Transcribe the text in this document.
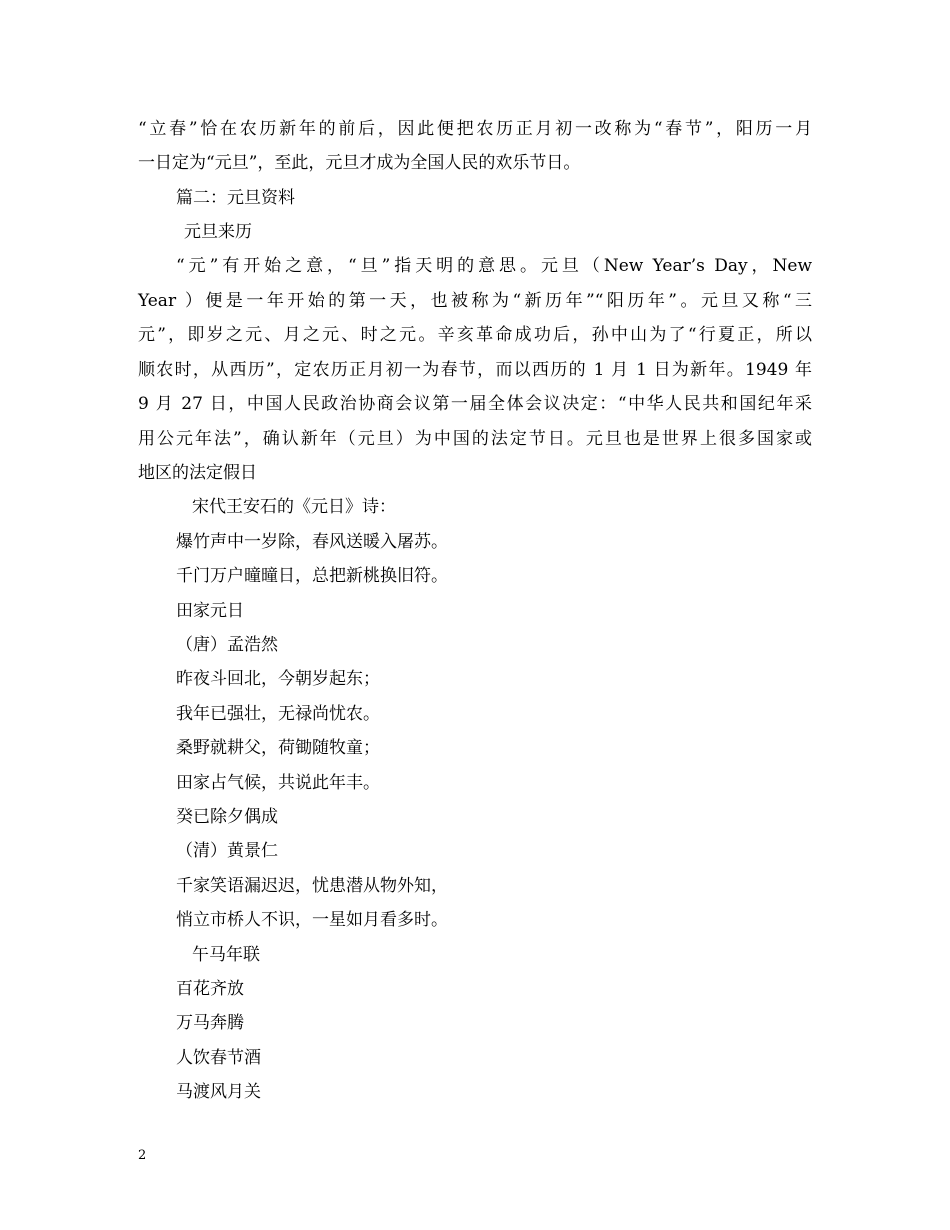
“立春”恰在农历新年的前后，因此便把农历正月初一改称为“春节”，阳历一月
一日定为“元旦”，至此，元旦才成为全国人民的欢乐节日。
篇二：元旦资料
元旦来历
“元”有开始之意，“旦”指天明的意思。元旦（New Year’s Day，New
Year ）便是一年开始的第一天，也被称为“新历年”“阳历年”。元旦又称“三
元”，即岁之元、月之元、时之元。辛亥革命成功后，孙中山为了“行夏正，所以
顺农时，从西历”，定农历正月初一为春节，而以西历的 1 月 1 日为新年。1949 年
9 月 27 日，中国人民政治协商会议第一届全体会议决定：“中华人民共和国纪年采
用公元年法”，确认新年（元旦）为中国的法定节日。元旦也是世界上很多国家或
地区的法定假日
宋代王安石的《元日》诗：
爆竹声中一岁除，春风送暖入屠苏。
千门万户曈曈日，总把新桃换旧符。
田家元日
（唐）孟浩然
昨夜斗回北，今朝岁起东；
我年已强壮，无禄尚忧农。
桑野就耕父，荷锄随牧童；
田家占气候，共说此年丰。
癸已除夕偶成
（清）黄景仁
千家笑语漏迟迟，忧患潜从物外知，
悄立市桥人不识，一星如月看多时。
午马年联
百花齐放
万马奔腾
人饮春节酒
马渡风月关
2
